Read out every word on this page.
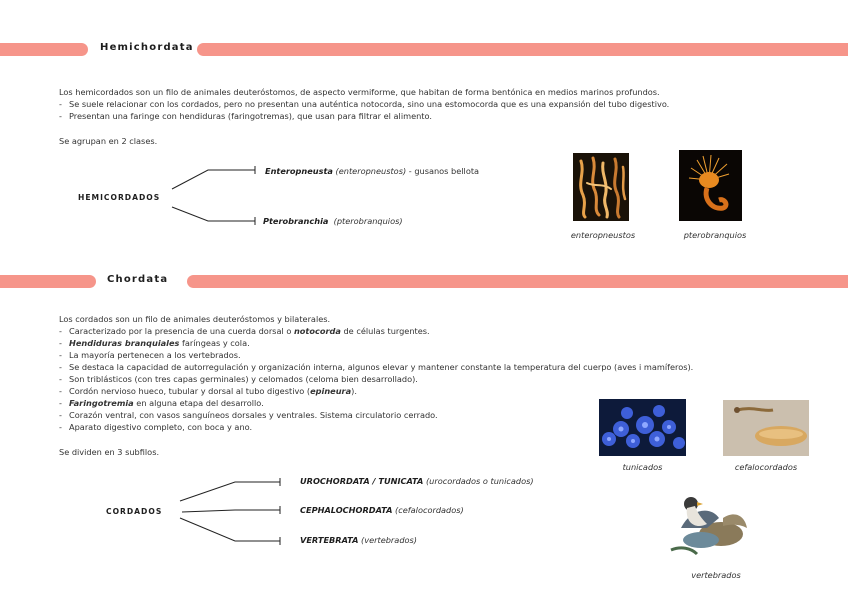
Hemichordata
Los hemicordados son un filo de animales deuteróstomos, de aspecto vermiforme, que habitan de forma bentónica en medios marinos profundos.
- Se suele relacionar con los cordados, pero no presentan una auténtica notocorda, sino una estomocorda que es una expansión del tubo digestivo.
- Presentan una faringe con hendiduras (faringotremas), que usan para filtrar el alimento.
Se agrupan en 2 clases.
HEMICORDADOS
Enteropneusta (enteropneustos) - gusanos bellota
Pterobranchia (pterobranquios)
enteropneustos	pterobranquios
Chordata
Los cordados son un filo de animales deuteróstomos y bilaterales.
- Caracterizado por la presencia de una cuerda dorsal o notocorda de células turgentes.
- Hendiduras branquiales faríngeas y cola.
- La mayoría pertenecen a los vertebrados.
- Se destaca la capacidad de autorregulación y organización interna, algunos elevar y mantener constante la temperatura del cuerpo (aves i mamíferos).
- Son triblásticos (con tres capas germinales) y celomados (celoma bien desarrollado).
- Cordón nervioso hueco, tubular y dorsal al tubo digestivo (epineura).
- Faringotremia en alguna etapa del desarrollo.
- Corazón ventral, con vasos sanguíneos dorsales y ventrales. Sistema circulatorio cerrado.
- Aparato digestivo completo, con boca y ano.
Se dividen en 3 subfilos.
CORDADOS
UROCHORDATA / TUNICATA (urocordados o tunicados)
CEPHALOCHORDATA (cefalocordados)
VERTEBRATA (vertebrados)
tunicados	cefalocordados
vertebrados
